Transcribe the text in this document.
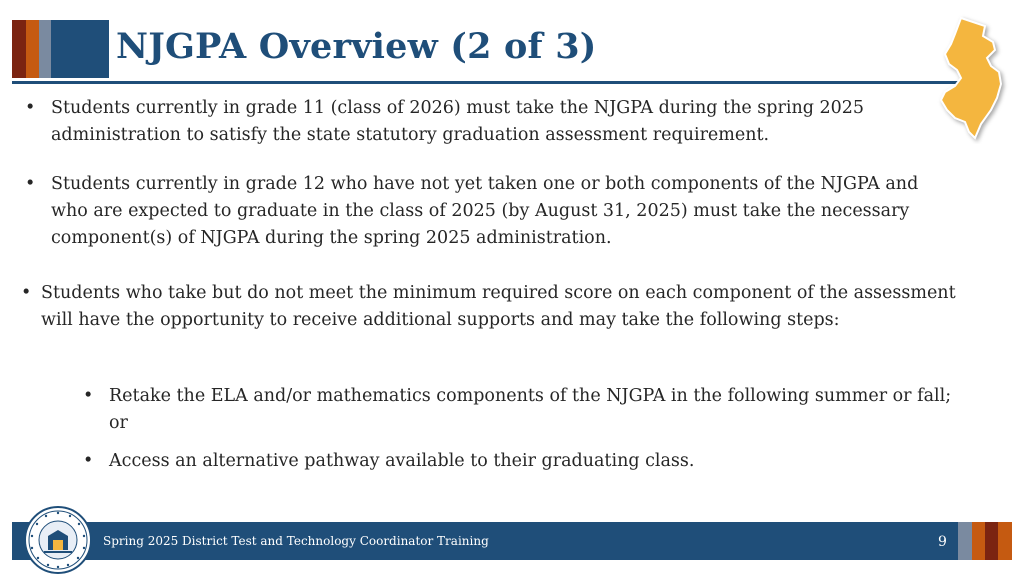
NJGPA Overview (2 of 3)
• Students currently in grade 11 (class of 2026) must take the NJGPA during the spring 2025 administration to satisfy the state statutory graduation assessment requirement.
• Students currently in grade 12 who have not yet taken one or both components of the NJGPA and who are expected to graduate in the class of 2025 (by August 31, 2025) must take the necessary component(s) of NJGPA during the spring 2025 administration.
• Students who take but do not meet the minimum required score on each component of the assessment will have the opportunity to receive additional supports and may take the following steps:
• Retake the ELA and/or mathematics components of the NJGPA in the following summer or fall; or
• Access an alternative pathway available to their graduating class.
Spring 2025 District Test and Technology Coordinator Training	9
